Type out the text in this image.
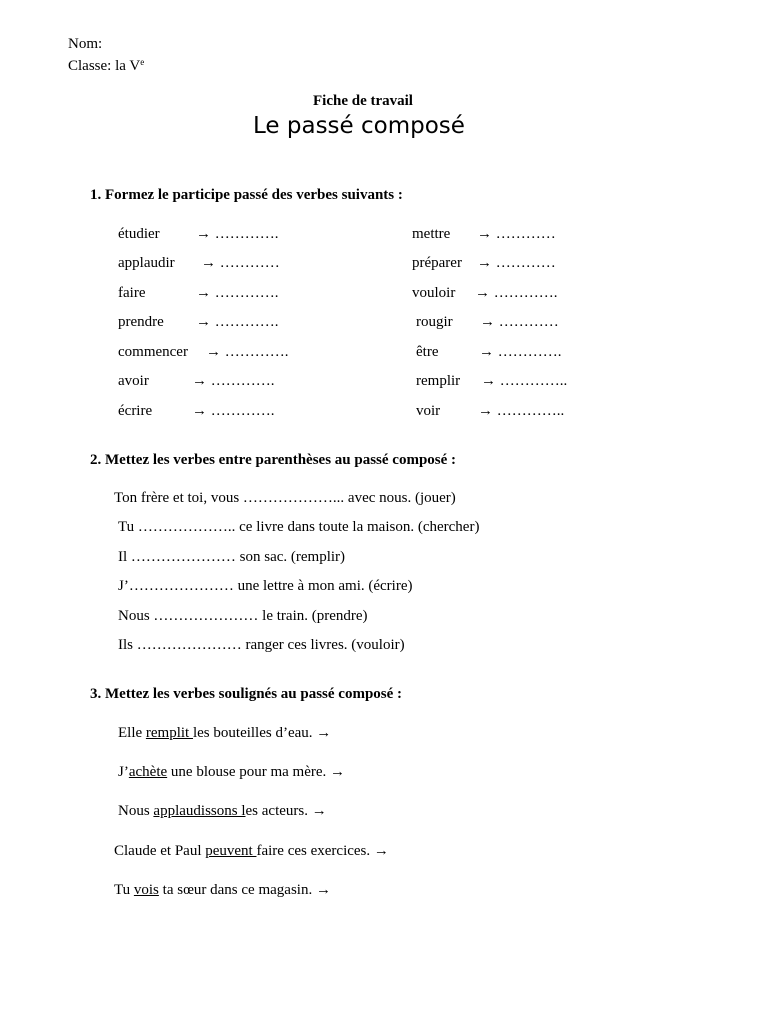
Nom:
Classe: la Ve
Fiche de travail
Le passé composé
1. Formez le participe passé des verbes suivants :
étudier → ………….
applaudir → …………
faire	→ ………….
prendre → ………….
commencer → ………….
avoir	→ ………….
écrire	→ ………….
mettre → …………
préparer → …………
vouloir → ………….
rougir → …………
être	→ ………….
remplir → …………..
voir	→ …………..
2. Mettez les verbes entre parenthèses au passé composé :
Ton frère et toi, vous ………………... avec nous. (jouer)
Tu ……………….. ce livre dans toute la maison. (chercher)
Il ………………… son sac. (remplir)
J’………………… une lettre à mon ami. (écrire)
Nous ………………… le train. (prendre)
Ils ………………… ranger ces livres. (vouloir)
3. Mettez les verbes soulignés au passé composé :
Elle remplit les bouteilles d’eau. →
J’achète une blouse pour ma mère. →
Nous applaudissons les acteurs. →
Claude et Paul peuvent faire ces exercices. →
Tu vois ta sœur dans ce magasin. →
